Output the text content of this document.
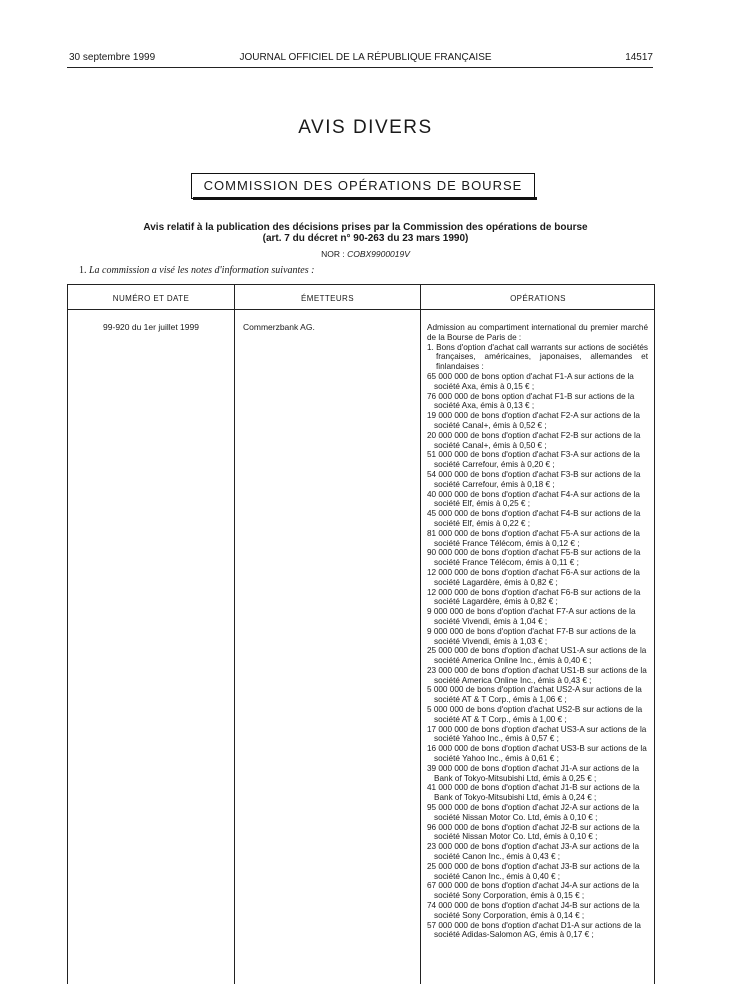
30 septembre 1999	JOURNAL OFFICIEL DE LA RÉPUBLIQUE FRANÇAISE	14517
AVIS DIVERS
COMMISSION DES OPÉRATIONS DE BOURSE
Avis relatif à la publication des décisions prises par la Commission des opérations de bourse
(art. 7 du décret n° 90-263 du 23 mars 1990)
NOR : COBX9900019V
1. La commission a visé les notes d'information suivantes :
NUMÉRO ET DATE	ÉMETTEURS	OPÉRATIONS
99-920 du 1er juillet 1999	Commerzbank AG.	Admission au compartiment international du premier marché de la Bourse de Paris de :

1. Bons d'option d'achat call warrants sur actions de sociétés françaises, américaines, japonaises, allemandes et finlandaises :

65 000 000 de bons option d'achat F1-A sur actions de la
société Axa, émis à 0,15 € ;

76 000 000 de bons option d'achat F1-B sur actions de la
société Axa, émis à 0,13 € ;

19 000 000 de bons d'option d'achat F2-A sur actions de la
société Canal+, émis à 0,52 € ;

20 000 000 de bons d'option d'achat F2-B sur actions de la
société Canal+, émis à 0,50 € ;

51 000 000 de bons d'option d'achat F3-A sur actions de la
société Carrefour, émis à 0,20 € ;

54 000 000 de bons d'option d'achat F3-B sur actions de la
société Carrefour, émis à 0,18 € ;

40 000 000 de bons d'option d'achat F4-A sur actions de la
société Elf, émis à 0,25 € ;

45 000 000 de bons d'option d'achat F4-B sur actions de la
société Elf, émis à 0,22 € ;

81 000 000 de bons d'option d'achat F5-A sur actions de la
société France Télécom, émis à 0,12 € ;

90 000 000 de bons d'option d'achat F5-B sur actions de la
société France Télécom, émis à 0,11 € ;

12 000 000 de bons d'option d'achat F6-A sur actions de la
société Lagardère, émis à 0,82 € ;

12 000 000 de bons d'option d'achat F6-B sur actions de la
société Lagardère, émis à 0,82 € ;

9 000 000 de bons d'option d'achat F7-A sur actions de la
société Vivendi, émis à 1,04 € ;

9 000 000 de bons d'option d'achat F7-B sur actions de la
société Vivendi, émis à 1,03 € ;

25 000 000 de bons d'option d'achat US1-A sur actions de la
société America Online Inc., émis à 0,40 € ;

23 000 000 de bons d'option d'achat US1-B sur actions de la
société America Online Inc., émis à 0,43 € ;

5 000 000 de bons d'option d'achat US2-A sur actions de la
société AT & T Corp., émis à 1,06 € ;

5 000 000 de bons d'option d'achat US2-B sur actions de la
société AT & T Corp., émis à 1,00 € ;

17 000 000 de bons d'option d'achat US3-A sur actions de la
société Yahoo Inc., émis à 0,57 € ;

16 000 000 de bons d'option d'achat US3-B sur actions de la
société Yahoo Inc., émis à 0,61 € ;

39 000 000 de bons d'option d'achat J1-A sur actions de la
Bank of Tokyo-Mitsubishi Ltd, émis à 0,25 € ;

41 000 000 de bons d'option d'achat J1-B sur actions de la
Bank of Tokyo-Mitsubishi Ltd, émis à 0,24 € ;

95 000 000 de bons d'option d'achat J2-A sur actions de la
société Nissan Motor Co. Ltd, émis à 0,10 € ;

96 000 000 de bons d'option d'achat J2-B sur actions de la
société Nissan Motor Co. Ltd, émis à 0,10 € ;

23 000 000 de bons d'option d'achat J3-A sur actions de la
société Canon Inc., émis à 0,43 € ;

25 000 000 de bons d'option d'achat J3-B sur actions de la
société Canon Inc., émis à 0,40 € ;

67 000 000 de bons d'option d'achat J4-A sur actions de la
société Sony Corporation, émis à 0,15 € ;

74 000 000 de bons d'option d'achat J4-B sur actions de la
société Sony Corporation, émis à 0,14 € ;

57 000 000 de bons d'option d'achat D1-A sur actions de la
société Adidas-Salomon AG, émis à 0,17 € ;
